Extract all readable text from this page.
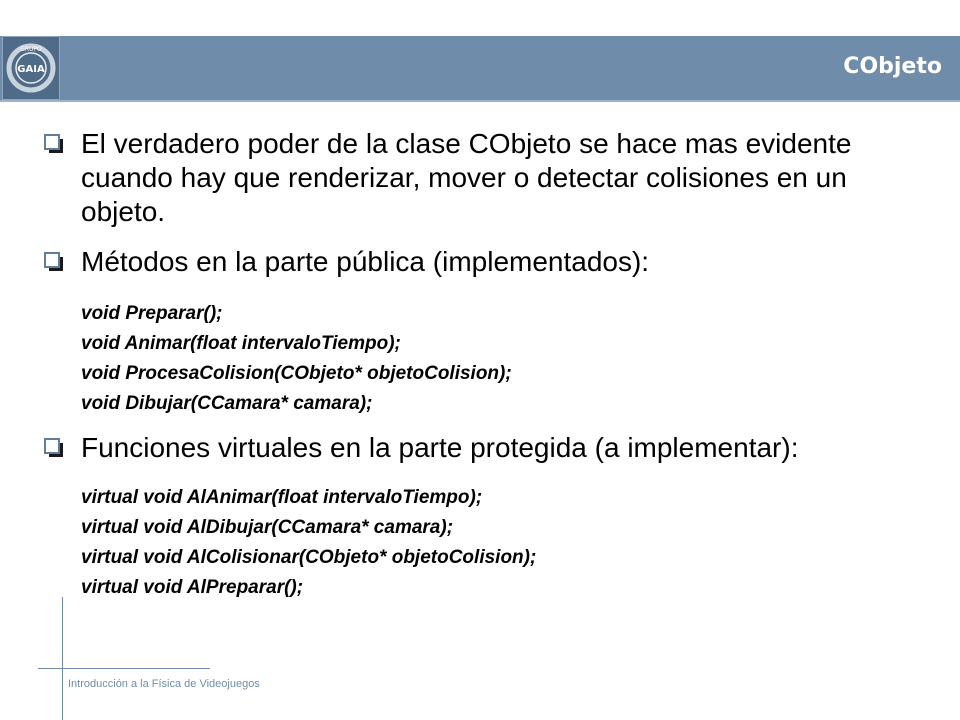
GRUPO
GAIA	CObjeto
El verdadero poder de la clase CObjeto se hace mas evidente cuando hay que renderizar, mover o detectar colisiones en un objeto.
Métodos en la parte pública (implementados):
void Preparar();
void Animar(float intervaloTiempo);
void ProcesaColision(CObjeto* objetoColision);
void Dibujar(CCamara* camara);
Funciones virtuales en la parte protegida (a implementar):
virtual void AlAnimar(float intervaloTiempo);
virtual void AlDibujar(CCamara* camara);
virtual void AlColisionar(CObjeto* objetoColision);
virtual void AlPreparar();
Introducción a la Física de Videojuegos
